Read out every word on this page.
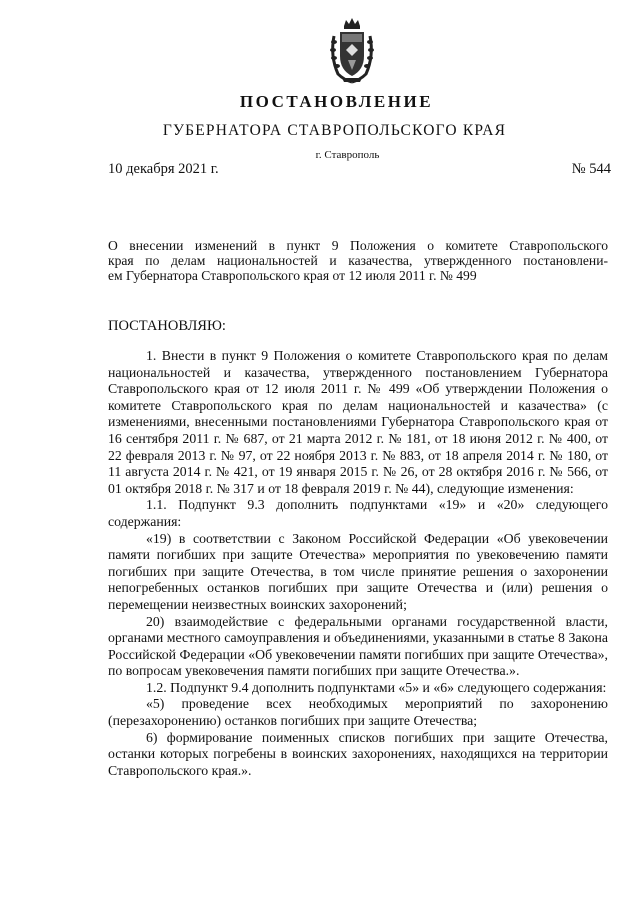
ПОСТАНОВЛЕНИЕ
ГУБЕРНАТОРА СТАВРОПОЛЬСКОГО КРАЯ
г. Ставрополь
10 декабря 2021 г.	№ 544
О внесении изменений в пункт 9 Положения о комитете Ставропольского
края по делам национальностей и казачества, утвержденного постановлени-
ем Губернатора Ставропольского края от 12 июля 2011 г. № 499
ПОСТАНОВЛЯЮ:

1. Внести в пункт 9 Положения о комитете Ставропольского края по делам национальностей и казачества, утвержденного постановлением Губернатора Ставропольского края от 12 июля 2011 г. № 499 «Об утверждении Положения о комитете Ставропольского края по делам национальностей и казачества» (с изменениями, внесенными постановлениями Губернатора Ставропольского края от 16 сентября 2011 г. № 687, от 21 марта 2012 г. № 181, от 18 июня 2012 г. № 400, от 22 февраля 2013 г. № 97, от 22 ноября 2013 г. № 883, от 18 апреля 2014 г. № 180, от 11 августа 2014 г. № 421, от 19 января 2015 г. № 26, от 28 октября 2016 г. № 566, от 01 октября 2018 г. № 317 и от 18 февраля 2019 г. № 44), следующие изменения:

1.1. Подпункт 9.3 дополнить подпунктами «19» и «20» следующего содержания:

«19) в соответствии с Законом Российской Федерации «Об увековечении памяти погибших при защите Отечества» мероприятия по увековечению памяти погибших при защите Отечества, в том числе принятие решения о захоронении непогребенных останков погибших при защите Отечества и (или) решения о перемещении неизвестных воинских захоронений;

20) взаимодействие с федеральными органами государственной власти, органами местного самоуправления и объединениями, указанными в статье 8 Закона Российской Федерации «Об увековечении памяти погибших при защите Отечества», по вопросам увековечения памяти погибших при защите Отечества.».

1.2. Подпункт 9.4 дополнить подпунктами «5» и «6» следующего содержания:

«5) проведение всех необходимых мероприятий по захоронению (перезахоронению) останков погибших при защите Отечества;

6) формирование поименных списков погибших при защите Отечества, останки которых погребены в воинских захоронениях, находящихся на территории Ставропольского края.».
